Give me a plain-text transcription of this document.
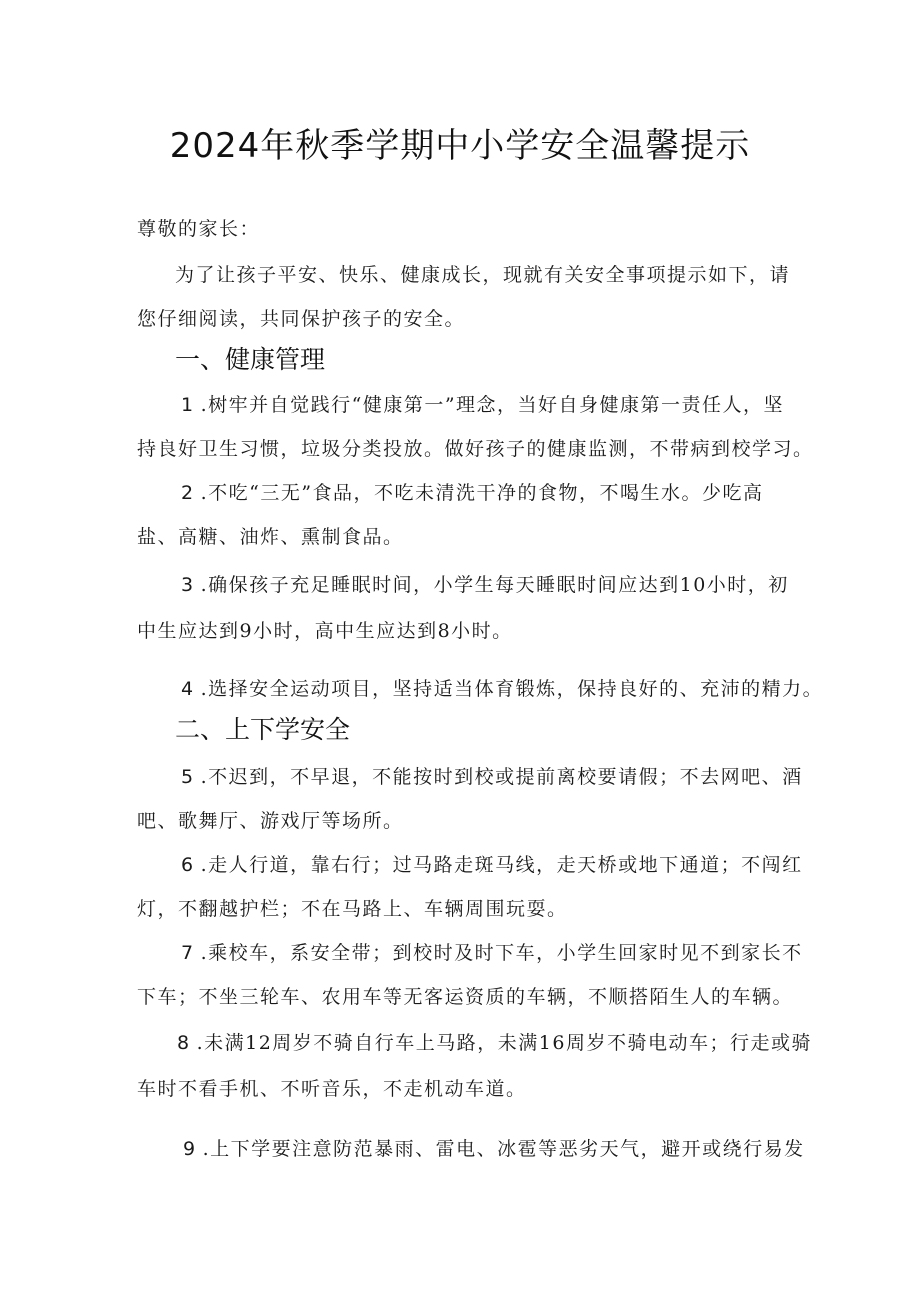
2024年秋季学期中小学安全温馨提示
尊敬的家长：
为了让孩子平安、快乐、健康成长，现就有关安全事项提示如下，请
您仔细阅读，共同保护孩子的安全。
一、健康管理
1 .树牢并自觉践行“健康第一”理念，当好自身健康第一责任人，坚
持良好卫生习惯，垃圾分类投放。做好孩子的健康监测，不带病到校学习。
2 .不吃“三无”食品，不吃未清洗干净的食物，不喝生水。少吃高
盐、高糖、油炸、熏制食品。
3 .确保孩子充足睡眠时间，小学生每天睡眠时间应达到10小时，初
中生应达到9小时，高中生应达到8小时。
4 .选择安全运动项目，坚持适当体育锻炼，保持良好的、充沛的精力。
二、上下学安全
5 .不迟到，不早退，不能按时到校或提前离校要请假；不去网吧、酒
吧、歌舞厅、游戏厅等场所。
6 .走人行道，靠右行；过马路走斑马线，走天桥或地下通道；不闯红
灯，不翻越护栏；不在马路上、车辆周围玩耍。
7 .乘校车，系安全带；到校时及时下车，小学生回家时见不到家长不
下车；不坐三轮车、农用车等无客运资质的车辆，不顺搭陌生人的车辆。
8 .未满12周岁不骑自行车上马路，未满16周岁不骑电动车；行走或骑
车时不看手机、不听音乐，不走机动车道。
9 .上下学要注意防范暴雨、雷电、冰雹等恶劣天气，避开或绕行易发
